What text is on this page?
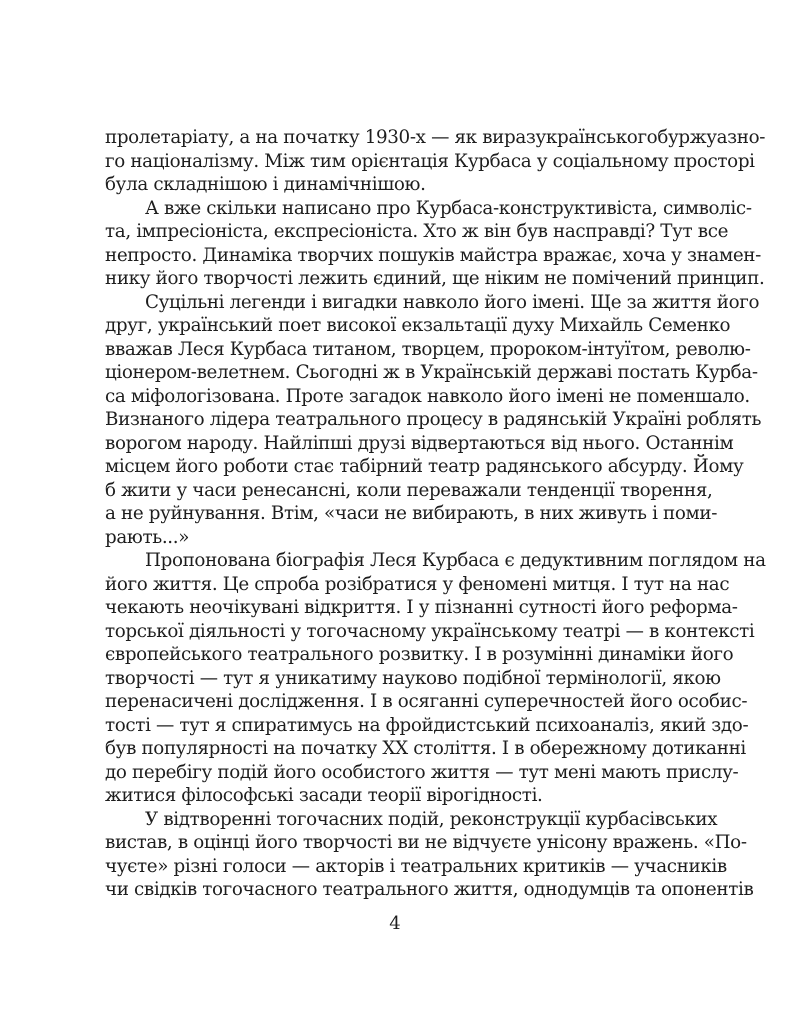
пролетаріату, а на початку 1930-х — як виразукраїнськогобуржуазно-
го націоналізму. Між тим орієнтація Курбаса у соціальному просторі
була складнішою і динамічнішою.
А вже скільки написано про Курбаса-конструктивіста, символіс-
та, імпресіоніста, експресіоніста. Хто ж він був насправді? Тут все
непросто. Динаміка творчих пошуків майстра вражає, хоча у знамен-
нику його творчості лежить єдиний, ще ніким не помічений принцип.
Суцільні легенди і вигадки навколо його імені. Ще за життя його
друг, український поет високої екзальтації духу Михайль Семенко
вважав Леся Курбаса титаном, творцем, пророком-інтуїтом, револю-
ціонером-велетнем. Сьогодні ж в Українській державі постать Курба-
са міфологізована. Проте загадок навколо його імені не поменшало.
Визнаного лідера театрального процесу в радянській Україні роблять
ворогом народу. Найліпші друзі відвертаються від нього. Останнім
місцем його роботи стає табірний театр радянського абсурду. Йому
б жити у часи ренесансні, коли переважали тенденції творення,
а не руйнування. Втім, «часи не вибирають, в них живуть і поми-
рають...»
Пропонована біографія Леся Курбаса є дедуктивним поглядом на
його життя. Це спроба розібратися у феномені митця. І тут на нас
чекають неочікувані відкриття. І у пізнанні сутності його реформа-
торської діяльності у тогочасному українському театрі — в контексті
європейського театрального розвитку. І в розумінні динаміки його
творчості — тут я уникатиму науково подібної термінології, якою
перенасичені дослідження. І в осяганні суперечностей його особис-
тості — тут я спиратимусь на фройдистський психоаналіз, який здо-
був популярності на початку XX століття. І в обережному дотиканні
до перебігу подій його особистого життя — тут мені мають прислу-
житися філософські засади теорії вірогідності.
У відтворенні тогочасних подій, реконструкції курбасівських
вистав, в оцінці його творчості ви не відчуєте унісону вражень. «По-
чуєте» різні голоси — акторів і театральних критиків — учасників
чи свідків тогочасного театрального життя, однодумців та опонентів
4
